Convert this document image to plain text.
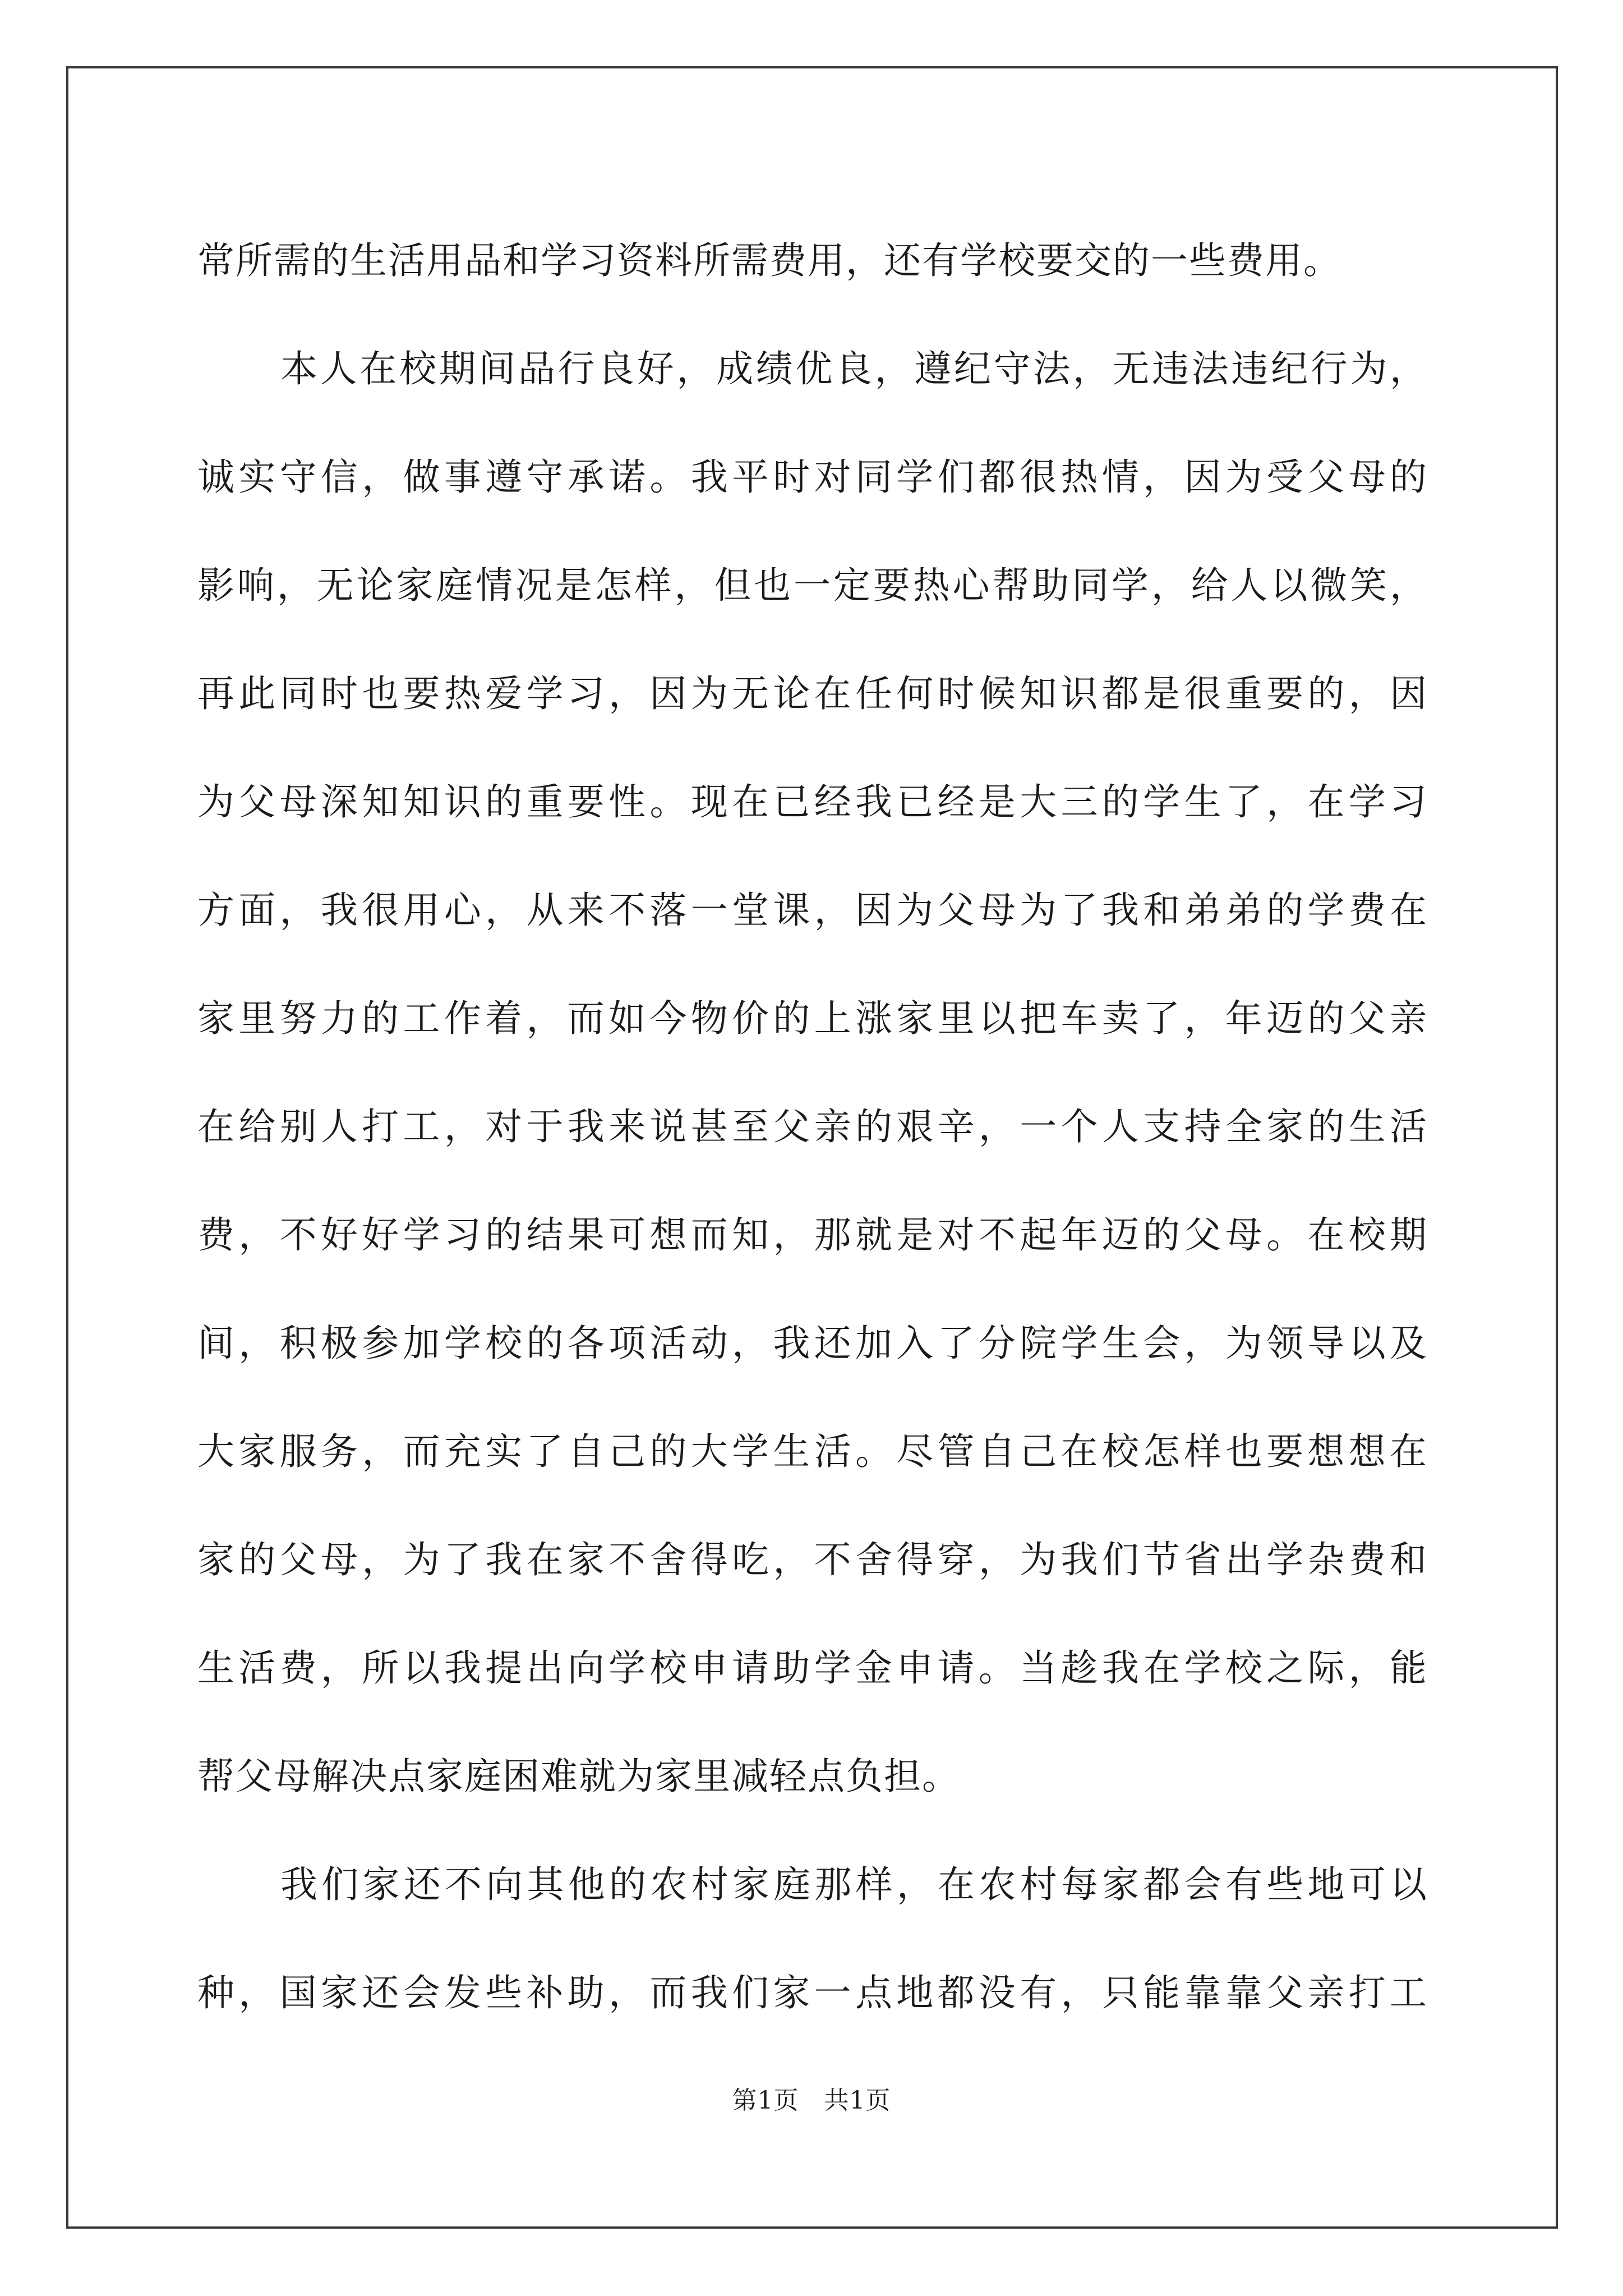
常所需的生活用品和学习资料所需费用，还有学校要交的一些费用。
本人在校期间品行良好，成绩优良，遵纪守法，无违法违纪行为，
诚实守信，做事遵守承诺。我平时对同学们都很热情，因为受父母的
影响，无论家庭情况是怎样，但也一定要热心帮助同学，给人以微笑，
再此同时也要热爱学习，因为无论在任何时候知识都是很重要的，因
为父母深知知识的重要性。现在已经我已经是大三的学生了，在学习
方面，我很用心，从来不落一堂课，因为父母为了我和弟弟的学费在
家里努力的工作着，而如今物价的上涨家里以把车卖了，年迈的父亲
在给别人打工，对于我来说甚至父亲的艰辛，一个人支持全家的生活
费，不好好学习的结果可想而知，那就是对不起年迈的父母。在校期
间，积极参加学校的各项活动，我还加入了分院学生会，为领导以及
大家服务，而充实了自己的大学生活。尽管自己在校怎样也要想想在
家的父母，为了我在家不舍得吃，不舍得穿，为我们节省出学杂费和
生活费，所以我提出向学校申请助学金申请。当趁我在学校之际，能
帮父母解决点家庭困难就为家里减轻点负担。
我们家还不向其他的农村家庭那样，在农村每家都会有些地可以
种，国家还会发些补助，而我们家一点地都没有，只能靠靠父亲打工
第1页　共1页
